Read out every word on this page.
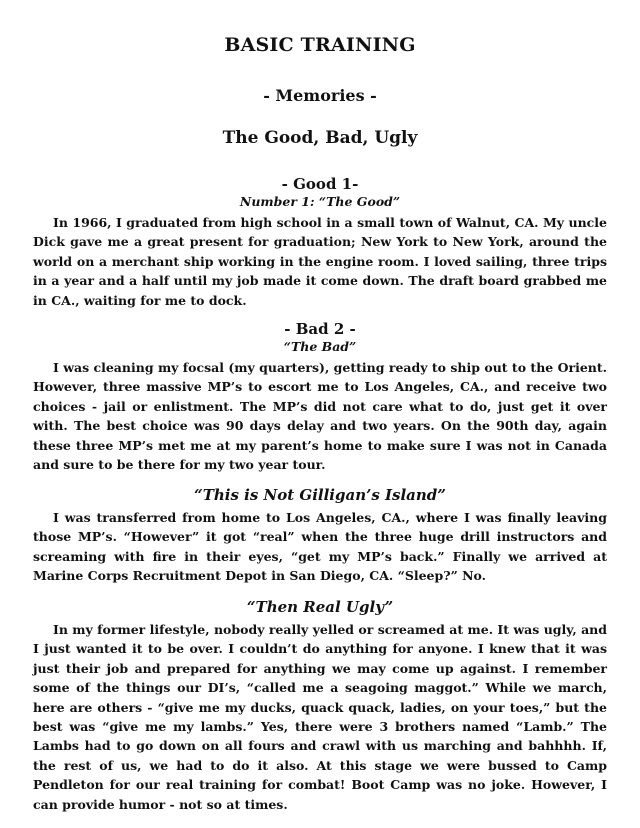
BASIC TRAINING
- Memories -
The Good, Bad, Ugly
- Good 1-
Number 1: “The Good”

In 1966, I graduated from high school in a small town of Walnut, CA. My uncle Dick gave me a great present for graduation; New York to New York, around the world on a merchant ship working in the engine room. I loved sailing, three trips in a year and a half until my job made it come down. The draft board grabbed me in CA., waiting for me to dock.

- Bad 2 -
“The Bad”

I was cleaning my focsal (my quarters), getting ready to ship out to the Orient. However, three massive MP’s to escort me to Los Angeles, CA., and receive two choices - jail or enlistment. The MP’s did not care what to do, just get it over with. The best choice was 90 days delay and two years. On the 90th day, again these three MP’s met me at my parent’s home to make sure I was not in Canada and sure to be there for my two year tour.

“This is Not Gilligan’s Island”

I was transferred from home to Los Angeles, CA., where I was finally leaving those MP’s. “However” it got “real” when the three huge drill instructors and screaming with fire in their eyes, “get my MP’s back.” Finally we arrived at Marine Corps Recruitment Depot in San Diego, CA. “Sleep?” No.

“Then Real Ugly”

In my former lifestyle, nobody really yelled or screamed at me. It was ugly, and I just wanted it to be over. I couldn’t do anything for anyone. I knew that it was just their job and prepared for anything we may come up against. I remember some of the things our DI’s, “called me a seagoing maggot.” While we march, here are others - “give me my ducks, quack quack, ladies, on your toes,” but the best was “give me my lambs.” Yes, there were 3 brothers named “Lamb.” The Lambs had to go down on all fours and crawl with us marching and bahhhh. If, the rest of us, we had to do it also. At this stage we were bussed to Camp Pendleton for our real training for combat! Boot Camp was no joke. However, I can provide humor - not so at times.
